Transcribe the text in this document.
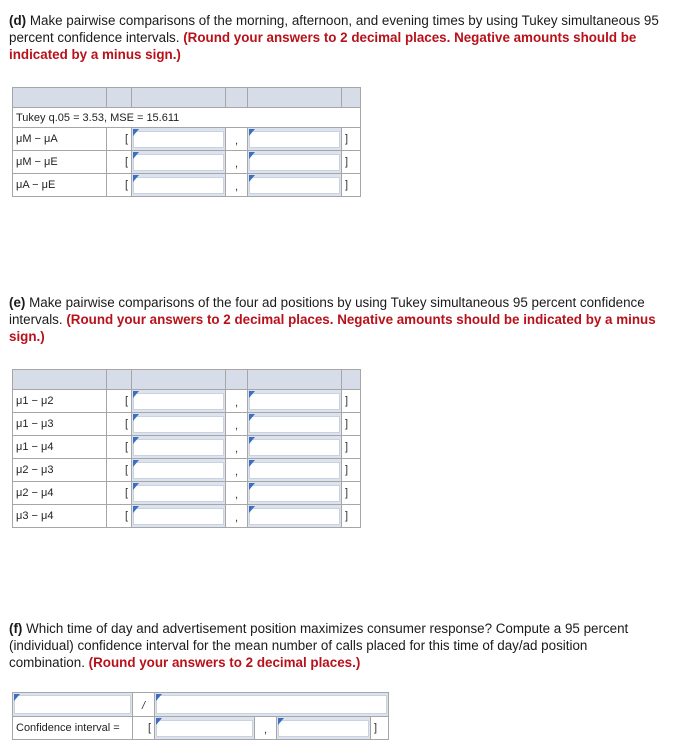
(d) Make pairwise comparisons of the morning, afternoon, and evening times by using Tukey simultaneous 95 percent confidence intervals. (Round your answers to 2 decimal places. Negative amounts should be indicated by a minus sign.)

Tukey q.05 = 3.53, MSE = 15.611					
μM − μA	[		,		]
μM − μE	[		,		]
μA − μE	[		,		]
(e) Make pairwise comparisons of the four ad positions by using Tukey simultaneous 95 percent confidence intervals. (Round your answers to 2 decimal places. Negative amounts should be indicated by a minus sign.)

μ1 − μ2	[		,		]
μ1 − μ3	[		,		]
μ1 − μ4	[		,		]
μ2 − μ3	[		,		]
μ2 − μ4	[		,		]
μ3 − μ4	[		,		]
(f) Which time of day and advertisement position maximizes consumer response? Compute a 95 percent (individual) confidence interval for the mean number of calls placed for this time of day/ad position combination. (Round your answers to 2 decimal places.)
	/	

Confidence interval =	[		,		]
